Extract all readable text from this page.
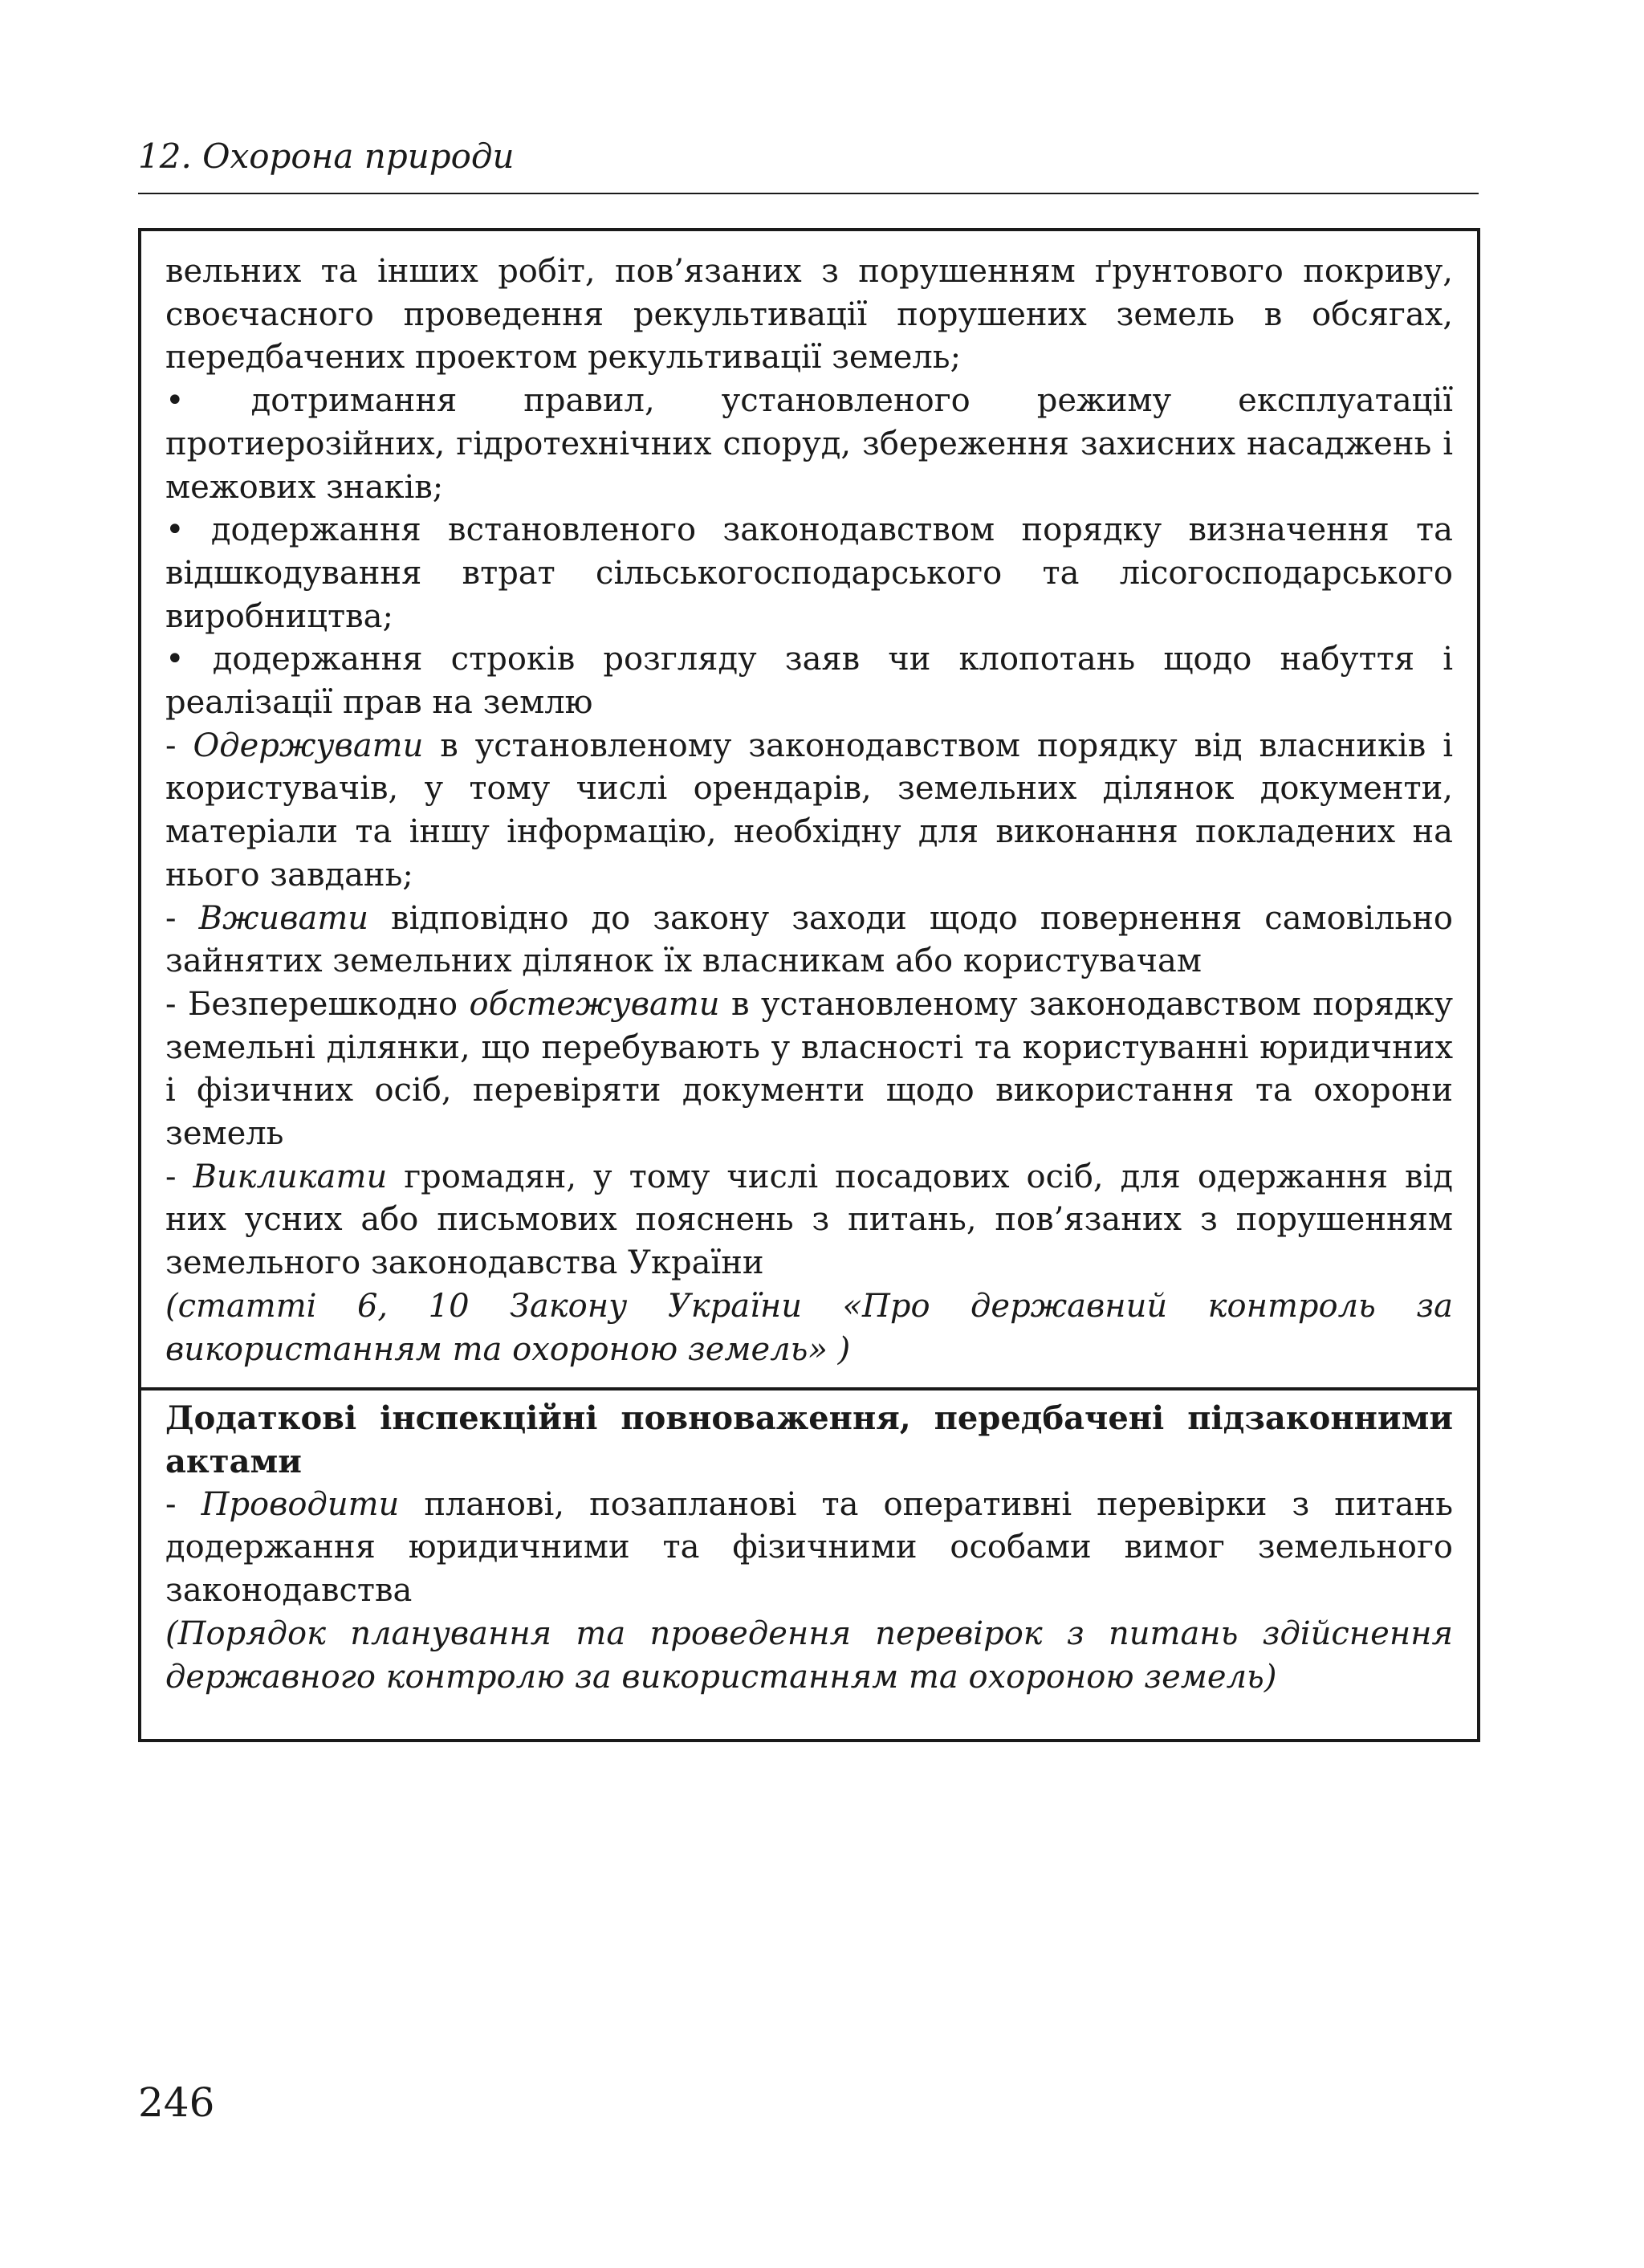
12. Охорона природи

вельних та інших робіт, пов’язаних з порушенням ґрунтового покриву, своєчасного проведення рекультивації порушених земель в обсягах, передбачених проектом рекультивації земель;

• дотримання правил, установленого режиму експлуатації протиерозійних, гідротехнічних споруд, збереження захисних насаджень і межових знаків;

• додержання встановленого законодавством порядку визначення та відшкодування втрат сільськогосподарського та лісогосподарського виробництва;

• додержання строків розгляду заяв чи клопотань щодо набуття і реалізації прав на землю

- Одержувати в установленому законодавством порядку від власників і користувачів, у тому числі орендарів, земельних ділянок документи, матеріали та іншу інформацію, необхідну для виконання покладених на нього завдань;

- Вживати відповідно до закону заходи щодо повернення самовільно зайнятих земельних ділянок їх власникам або користувачам

- Безперешкодно обстежувати в установленому законодавством порядку земельні ділянки, що перебувають у власності та користуванні юридичних і фізичних осіб, перевіряти документи щодо використання та охорони земель

- Викликати громадян, у тому числі посадових осіб, для одержання від них усних або письмових пояснень з питань, пов’язаних з порушенням земельного законодавства України

(статті 6, 10 Закону України «Про державний контроль за використанням та охороною земель» )

Додаткові інспекційні повноваження, передбачені підзаконними актами

- Проводити планові, позапланові та оперативні перевірки з питань додержання юридичними та фізичними особами вимог земельного законодавства

(Порядок планування та проведення перевірок з питань здійснення державного контролю за використанням та охороною земель)

246
